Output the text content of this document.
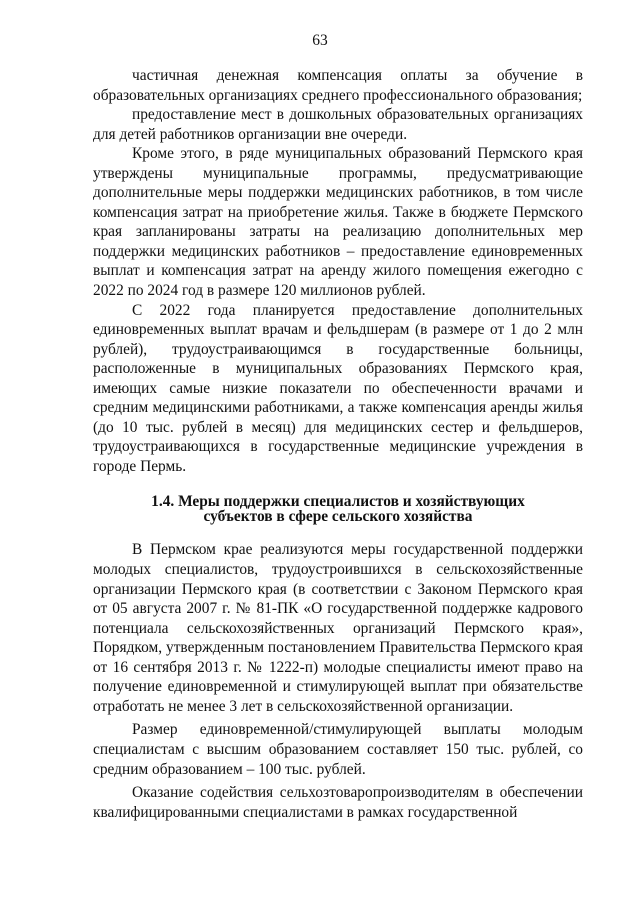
63

частичная денежная компенсация оплаты за обучение в образовательных организациях среднего профессионального образования;

предоставление мест в дошкольных образовательных организациях для детей работников организации вне очереди.

Кроме этого, в ряде муниципальных образований Пермского края утверждены муниципальные программы, предусматривающие дополнительные меры поддержки медицинских работников, в том числе компенсация затрат на приобретение жилья. Также в бюджете Пермского края запланированы затраты на реализацию дополнительных мер поддержки медицинских работников – предоставление единовременных выплат и компенсация затрат на аренду жилого помещения ежегодно с 2022 по 2024 год в размере 120 миллионов рублей.

С 2022 года планируется предоставление дополнительных единовременных выплат врачам и фельдшерам (в размере от 1 до 2 млн рублей), трудоустраивающимся в государственные больницы, расположенные в муниципальных образованиях Пермского края, имеющих самые низкие показатели по обеспеченности врачами и средним медицинскими работниками, а также компенсация аренды жилья (до 10 тыс. рублей в месяц) для медицинских сестер и фельдшеров, трудоустраивающихся в государственные медицинские учреждения в городе Пермь.

1.4. Меры поддержки специалистов и хозяйствующих
субъектов в сфере сельского хозяйства

В Пермском крае реализуются меры государственной поддержки молодых специалистов, трудоустроившихся в сельскохозяйственные организации Пермского края (в соответствии с Законом Пермского края от 05 августа 2007 г. № 81-ПК «О государственной поддержке кадрового потенциала сельскохозяйственных организаций Пермского края», Порядком, утвержденным постановлением Правительства Пермского края от 16 сентября 2013 г. № 1222-п) молодые специалисты имеют право на получение единовременной и стимулирующей выплат при обязательстве отработать не менее 3 лет в сельскохозяйственной организации.

Размер единовременной/стимулирующей выплаты молодым специалистам с высшим образованием составляет 150 тыс. рублей, со средним образованием – 100 тыс. рублей.

Оказание содействия сельхозтоваропроизводителям в обеспечении квалифицированными специалистами в рамках государственной
